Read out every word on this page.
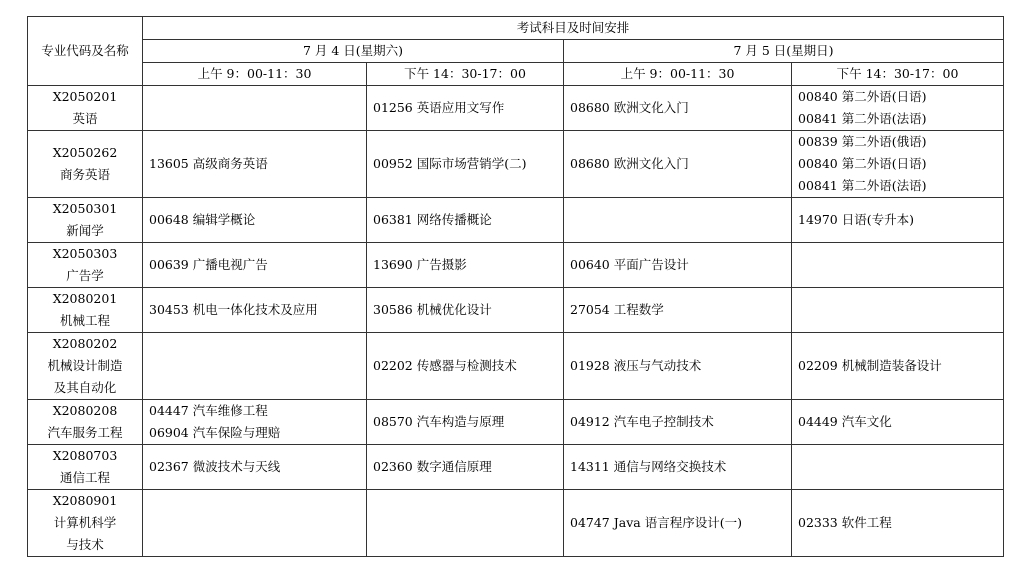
专业代码及名称	考试科目及时间安排			
	7 月 4 日(星期六)		7 月 5 日(星期日)	
	上午 9：00-11：30	下午 14：30-17：00	上午 9：00-11：30	下午 14：30-17：00

X2050201
英语		01256 英语应用文写作	08680 欧洲文化入门	00840 第二外语(日语)
00841 第二外语(法语)

X2050262
商务英语	13605 高级商务英语	00952 国际市场营销学(二)	08680 欧洲文化入门	00839 第二外语(俄语)
00840 第二外语(日语)
00841 第二外语(法语)

X2050301
新闻学	00648 编辑学概论	06381 网络传播概论		14970 日语(专升本)

X2050303
广告学	00639 广播电视广告	13690 广告摄影	00640 平面广告设计	

X2080201
机械工程	30453 机电一体化技术及应用	30586 机械优化设计	27054 工程数学	

X2080202
机械设计制造
及其自动化		02202 传感器与检测技术	01928 液压与气动技术	02209 机械制造装备设计

X2080208
汽车服务工程	04447 汽车维修工程
06904 汽车保险与理赔	08570 汽车构造与原理	04912 汽车电子控制技术	04449 汽车文化

X2080703
通信工程	02367 微波技术与天线	02360 数字通信原理	14311 通信与网络交换技术	

X2080901
计算机科学
与技术			04747 Java 语言程序设计(一)	02333 软件工程
